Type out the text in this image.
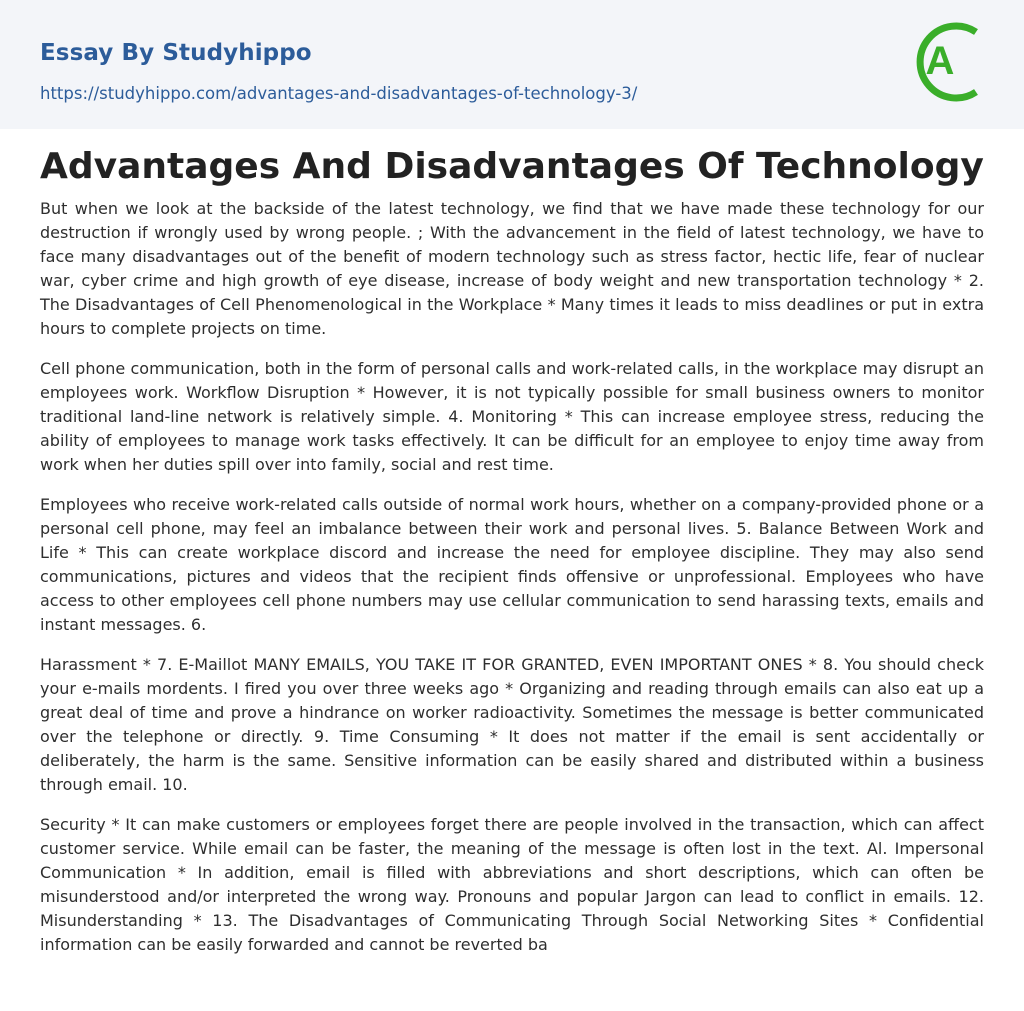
Essay By Studyhippo
https://studyhippo.com/advantages-and-disadvantages-of-technology-3/
A
Advantages And Disadvantages Of Technology

But when we look at the backside of the latest technology, we find that we have made these technology for our destruction if wrongly used by wrong people. ; With the advancement in the field of latest technology, we have to face many disadvantages out of the benefit of modern technology such as stress factor, hectic life, fear of nuclear war, cyber crime and high growth of eye disease, increase of body weight and new transportation technology * 2. The Disadvantages of Cell Phenomenological in the Workplace * Many times it leads to miss deadlines or put in extra hours to complete projects on time.

Cell phone communication, both in the form of personal calls and work-related calls, in the workplace may disrupt an employees work. Workflow Disruption * However, it is not typically possible for small business owners to monitor traditional land-line network is relatively simple. 4. Monitoring * This can increase employee stress, reducing the ability of employees to manage work tasks effectively. It can be difficult for an employee to enjoy time away from work when her duties spill over into family, social and rest time.

Employees who receive work-related calls outside of normal work hours, whether on a company-provided phone or a personal cell phone, may feel an imbalance between their work and personal lives. 5. Balance Between Work and Life * This can create workplace discord and increase the need for employee discipline. They may also send communications, pictures and videos that the recipient finds offensive or unprofessional. Employees who have access to other employees cell phone numbers may use cellular communication to send harassing texts, emails and instant messages. 6.

Harassment * 7. E-Maillot MANY EMAILS, YOU TAKE IT FOR GRANTED, EVEN IMPORTANT ONES * 8. You should check your e-mails mordents. I fired you over three weeks ago * Organizing and reading through emails can also eat up a great deal of time and prove a hindrance on worker radioactivity. Sometimes the message is better communicated over the telephone or directly. 9. Time Consuming * It does not matter if the email is sent accidentally or deliberately, the harm is the same. Sensitive information can be easily shared and distributed within a business through email. 10.

Security * It can make customers or employees forget there are people involved in the transaction, which can affect customer service. While email can be faster, the meaning of the message is often lost in the text. Al. Impersonal Communication * In addition, email is filled with abbreviations and short descriptions, which can often be misunderstood and/or interpreted the wrong way. Pronouns and popular Jargon can lead to conflict in emails. 12. Misunderstanding * 13. The Disadvantages of Communicating Through Social Networking Sites * Confidential information can be easily forwarded and cannot be reverted ba
